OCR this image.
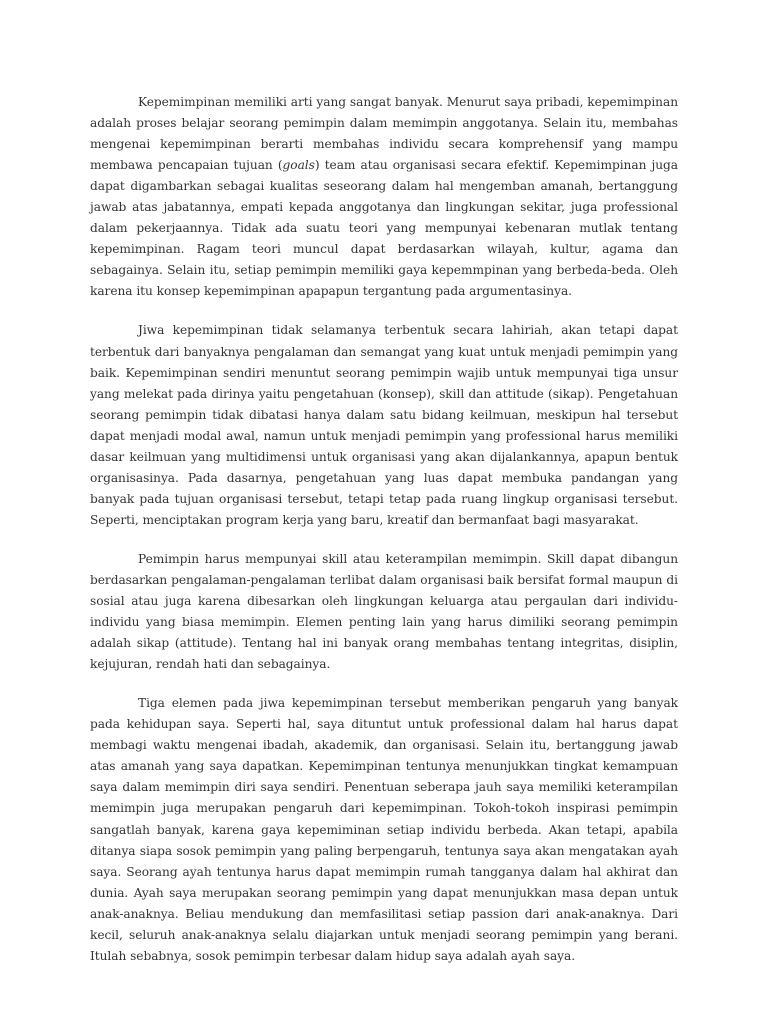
Kepemimpinan memiliki arti yang sangat banyak. Menurut saya pribadi, kepemimpinan adalah proses belajar seorang pemimpin dalam memimpin anggotanya. Selain itu, membahas mengenai kepemimpinan berarti membahas individu secara komprehensif yang mampu membawa pencapaian tujuan (goals) team atau organisasi secara efektif. Kepemimpinan juga dapat digambarkan sebagai kualitas seseorang dalam hal mengemban amanah, bertanggung jawab atas jabatannya, empati kepada anggotanya dan lingkungan sekitar, juga professional dalam pekerjaannya. Tidak ada suatu teori yang mempunyai kebenaran mutlak tentang kepemimpinan. Ragam teori muncul dapat berdasarkan wilayah, kultur, agama dan sebagainya. Selain itu, setiap pemimpin memiliki gaya kepemmpinan yang berbeda-beda. Oleh karena itu konsep kepemimpinan apapapun tergantung pada argumentasinya.

Jiwa kepemimpinan tidak selamanya terbentuk secara lahiriah, akan tetapi dapat terbentuk dari banyaknya pengalaman dan semangat yang kuat untuk menjadi pemimpin yang baik. Kepemimpinan sendiri menuntut seorang pemimpin wajib untuk mempunyai tiga unsur yang melekat pada dirinya yaitu pengetahuan (konsep), skill dan attitude (sikap). Pengetahuan seorang pemimpin tidak dibatasi hanya dalam satu bidang keilmuan, meskipun hal tersebut dapat menjadi modal awal, namun untuk menjadi pemimpin yang professional harus memiliki dasar keilmuan yang multidimensi untuk organisasi yang akan dijalankannya, apapun bentuk organisasinya. Pada dasarnya, pengetahuan yang luas dapat membuka pandangan yang banyak pada tujuan organisasi tersebut, tetapi tetap pada ruang lingkup organisasi tersebut. Seperti, menciptakan program kerja yang baru, kreatif dan bermanfaat bagi masyarakat.

Pemimpin harus mempunyai skill atau keterampilan memimpin. Skill dapat dibangun berdasarkan pengalaman-pengalaman terlibat dalam organisasi baik bersifat formal maupun di sosial atau juga karena dibesarkan oleh lingkungan keluarga atau pergaulan dari individu-individu yang biasa memimpin. Elemen penting lain yang harus dimiliki seorang pemimpin adalah sikap (attitude). Tentang hal ini banyak orang membahas tentang integritas, disiplin, kejujuran, rendah hati dan sebagainya.

Tiga elemen pada jiwa kepemimpinan tersebut memberikan pengaruh yang banyak pada kehidupan saya. Seperti hal, saya dituntut untuk professional dalam hal harus dapat membagi waktu mengenai ibadah, akademik, dan organisasi. Selain itu, bertanggung jawab atas amanah yang saya dapatkan. Kepemimpinan tentunya menunjukkan tingkat kemampuan saya dalam memimpin diri saya sendiri. Penentuan seberapa jauh saya memiliki keterampilan memimpin juga merupakan pengaruh dari kepemimpinan. Tokoh-tokoh inspirasi pemimpin sangatlah banyak, karena gaya kepemiminan setiap individu berbeda. Akan tetapi, apabila ditanya siapa sosok pemimpin yang paling berpengaruh, tentunya saya akan mengatakan ayah saya. Seorang ayah tentunya harus dapat memimpin rumah tangganya dalam hal akhirat dan dunia. Ayah saya merupakan seorang pemimpin yang dapat menunjukkan masa depan untuk anak-anaknya. Beliau mendukung dan memfasilitasi setiap passion dari anak-anaknya. Dari kecil, seluruh anak-anaknya selalu diajarkan untuk menjadi seorang pemimpin yang berani. Itulah sebabnya, sosok pemimpin terbesar dalam hidup saya adalah ayah saya.
